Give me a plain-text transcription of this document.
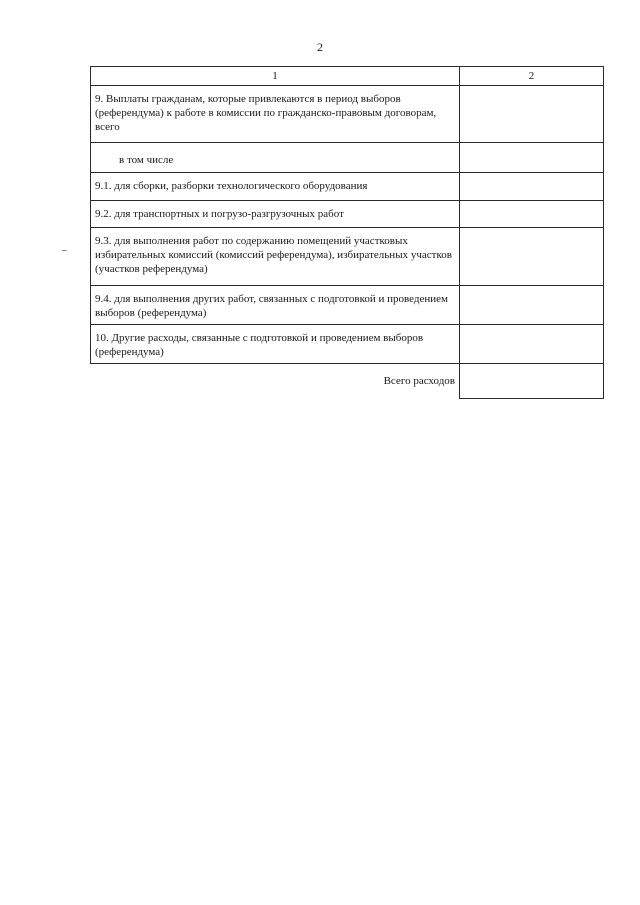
2
1	2
9. Выплаты гражданам, которые привлекаются в период выборов (референдума) к работе в комиссии по гражданско-правовым договорам, всего	
в том числе	
9.1. для сборки, разборки технологического оборудования	
9.2. для транспортных и погрузо-разгрузочных работ	
9.3. для выполнения работ по содержанию помещений участковых избирательных комиссий (комиссий референдума), избирательных участков (участков референдума)	
9.4. для выполнения других работ, связанных с подготовкой и проведением выборов (референдума)	
10. Другие расходы, связанные с подготовкой и проведением выборов (референдума)	
Всего расходов	
